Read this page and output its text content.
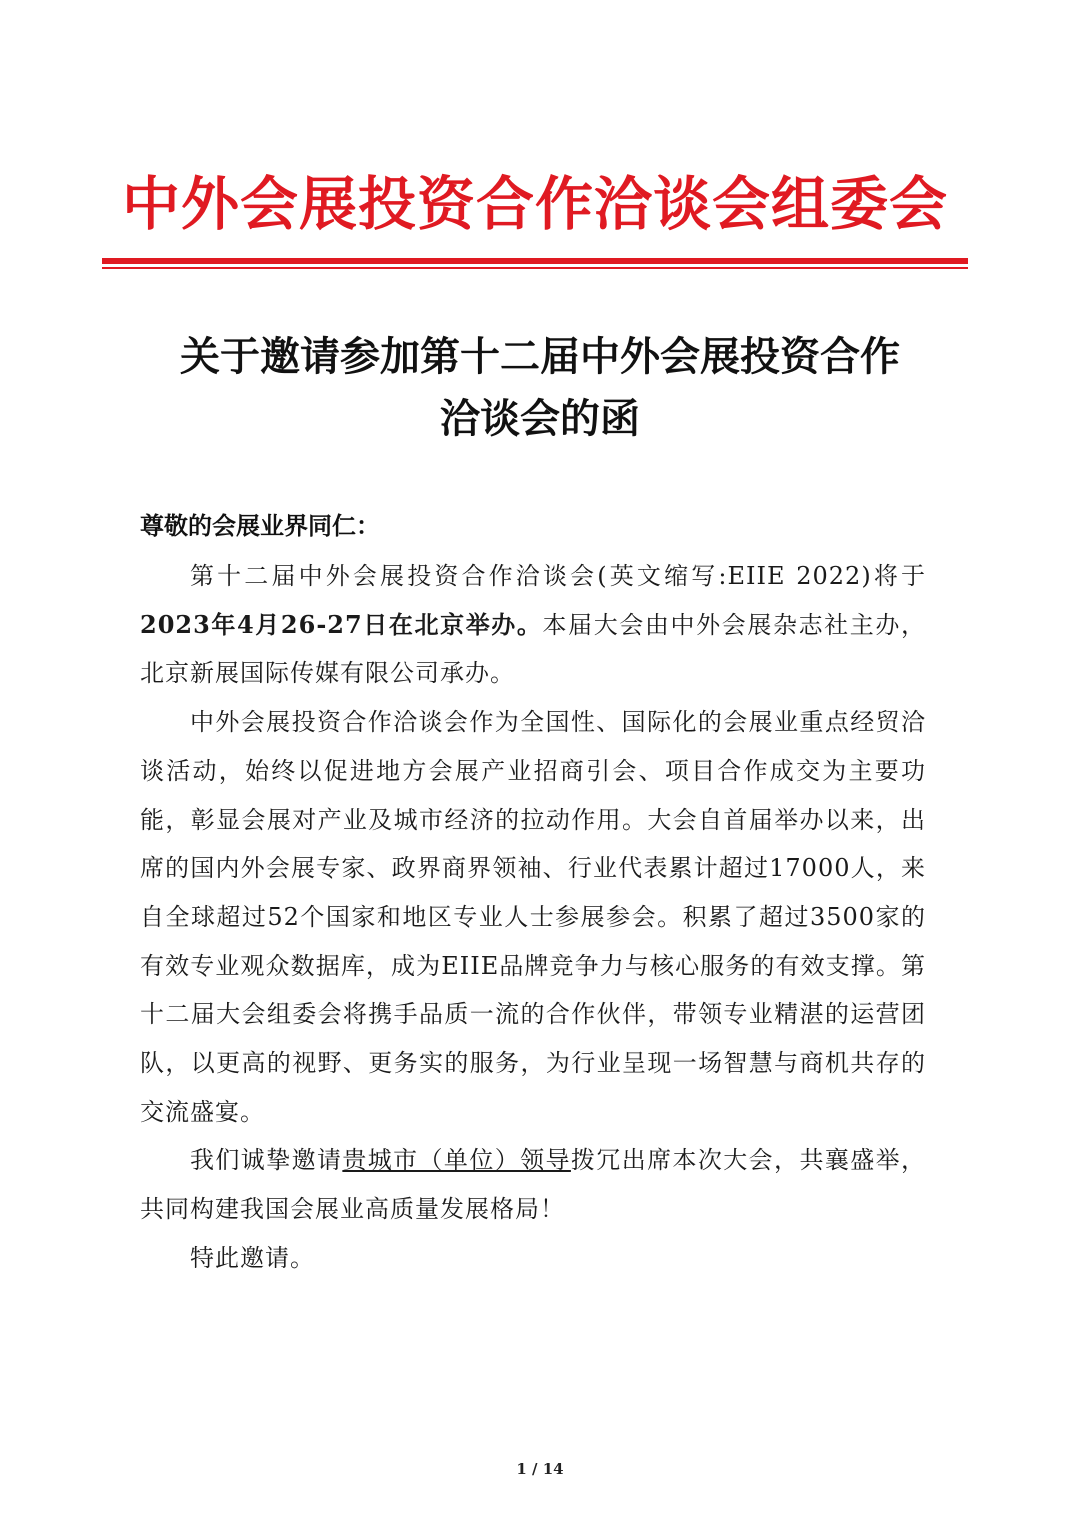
中外会展投资合作洽谈会组委会
关于邀请参加第十二届中外会展投资合作
洽谈会的函
尊敬的会展业界同仁：

第十二届中外会展投资合作洽谈会(英文缩写:EIIE 2022)将于2023年4月26-27日在北京举办。本届大会由中外会展杂志社主办，北京新展国际传媒有限公司承办。

中外会展投资合作洽谈会作为全国性、国际化的会展业重点经贸洽谈活动，始终以促进地方会展产业招商引会、项目合作成交为主要功能，彰显会展对产业及城市经济的拉动作用。大会自首届举办以来，出席的国内外会展专家、政界商界领袖、行业代表累计超过17000人，来自全球超过52个国家和地区专业人士参展参会。积累了超过3500家的有效专业观众数据库，成为EIIE品牌竞争力与核心服务的有效支撑。第十二届大会组委会将携手品质一流的合作伙伴，带领专业精湛的运营团队，以更高的视野、更务实的服务，为行业呈现一场智慧与商机共存的交流盛宴。

我们诚挚邀请贵城市（单位）领导拨冗出席本次大会，共襄盛举，共同构建我国会展业高质量发展格局！

特此邀请。

1 / 14
